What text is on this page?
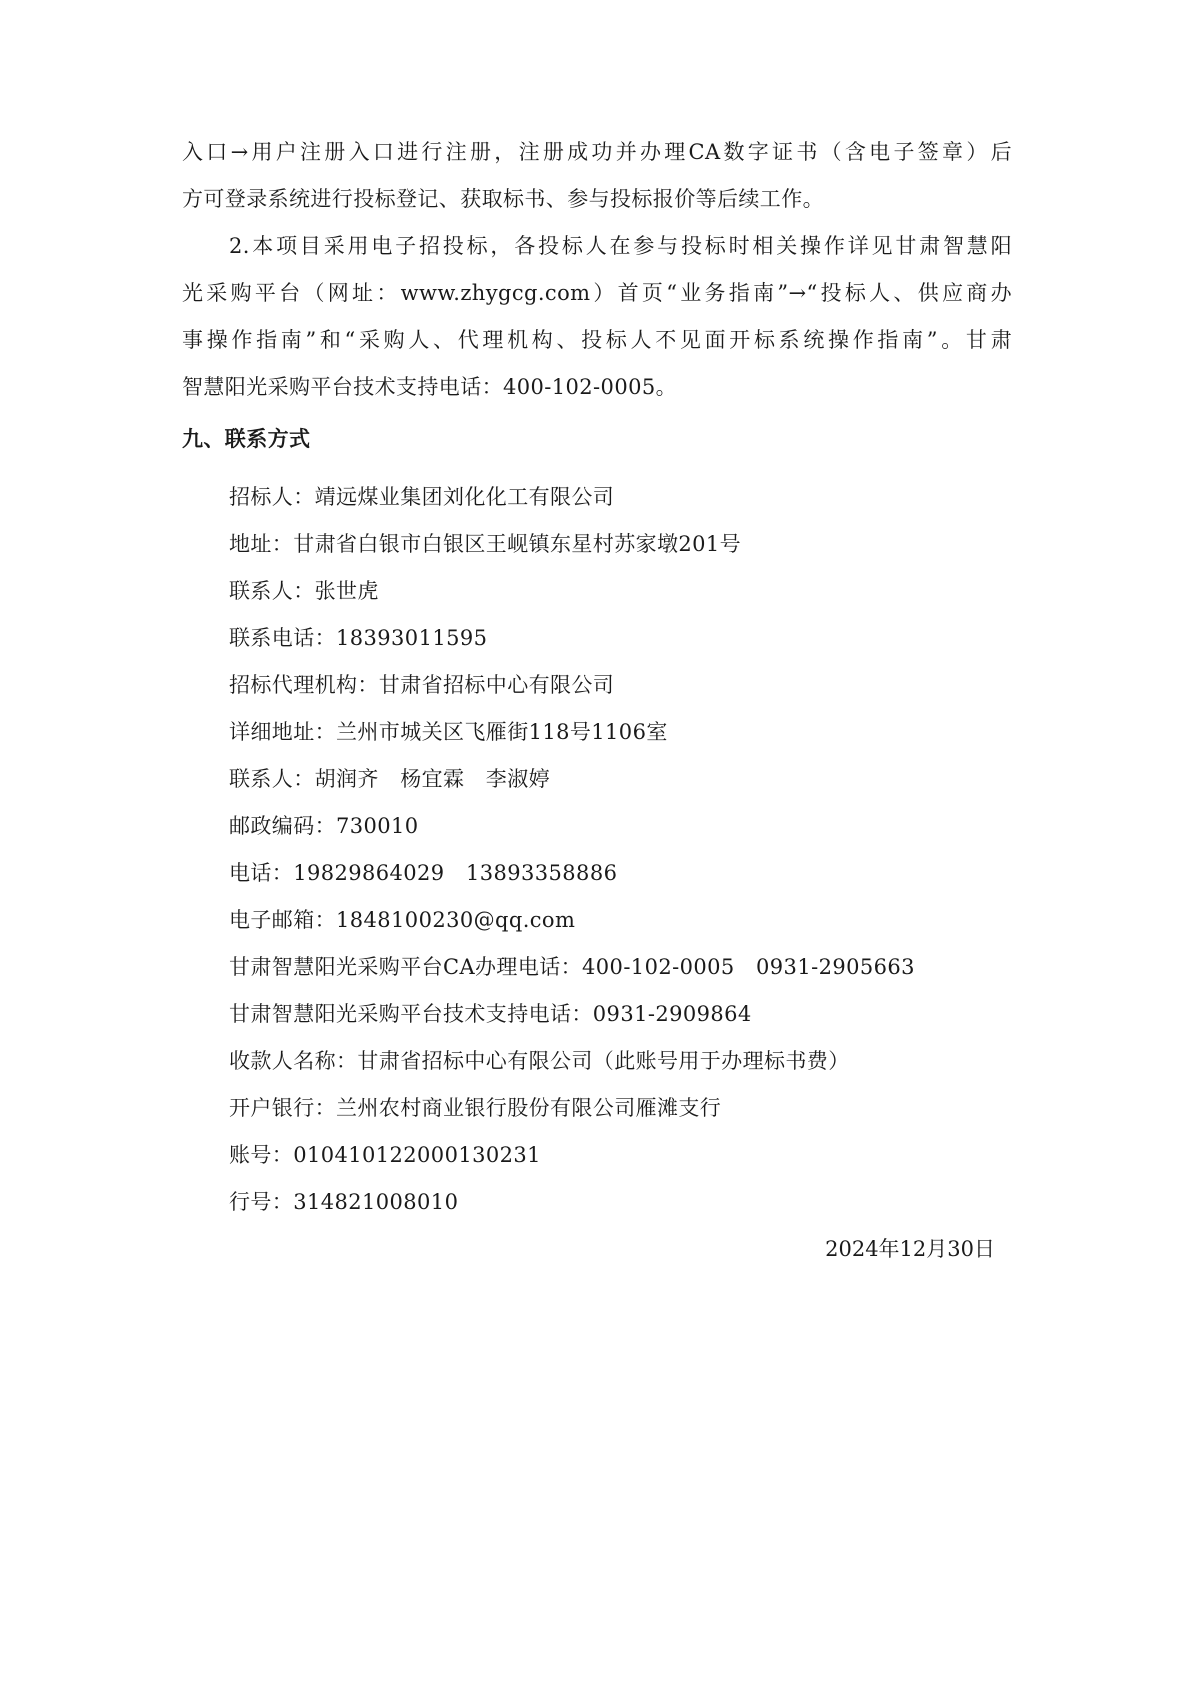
入口→用户注册入口进行注册，注册成功并办理CA数字证书（含电子签章）后
方可登录系统进行投标登记、获取标书、参与投标报价等后续工作。
2.本项目采用电子招投标，各投标人在参与投标时相关操作详见甘肃智慧阳
光采购平台（网址：www.zhygcg.com）首页“业务指南”→“投标人、供应商办
事操作指南”和“采购人、代理机构、投标人不见面开标系统操作指南”。甘肃
智慧阳光采购平台技术支持电话：400-102-0005。
九、联系方式
招标人：靖远煤业集团刘化化工有限公司
地址：甘肃省白银市白银区王岘镇东星村苏家墩201号
联系人：张世虎
联系电话：18393011595
招标代理机构：甘肃省招标中心有限公司
详细地址：兰州市城关区飞雁街118号1106室
联系人：胡润齐　杨宜霖　李淑婷
邮政编码：730010
电话：19829864029　13893358886
电子邮箱：1848100230@qq.com
甘肃智慧阳光采购平台CA办理电话：400-102-0005　0931-2905663
甘肃智慧阳光采购平台技术支持电话：0931-2909864
收款人名称：甘肃省招标中心有限公司（此账号用于办理标书费）
开户银行：兰州农村商业银行股份有限公司雁滩支行
账号：010410122000130231
行号：314821008010
2024年12月30日
